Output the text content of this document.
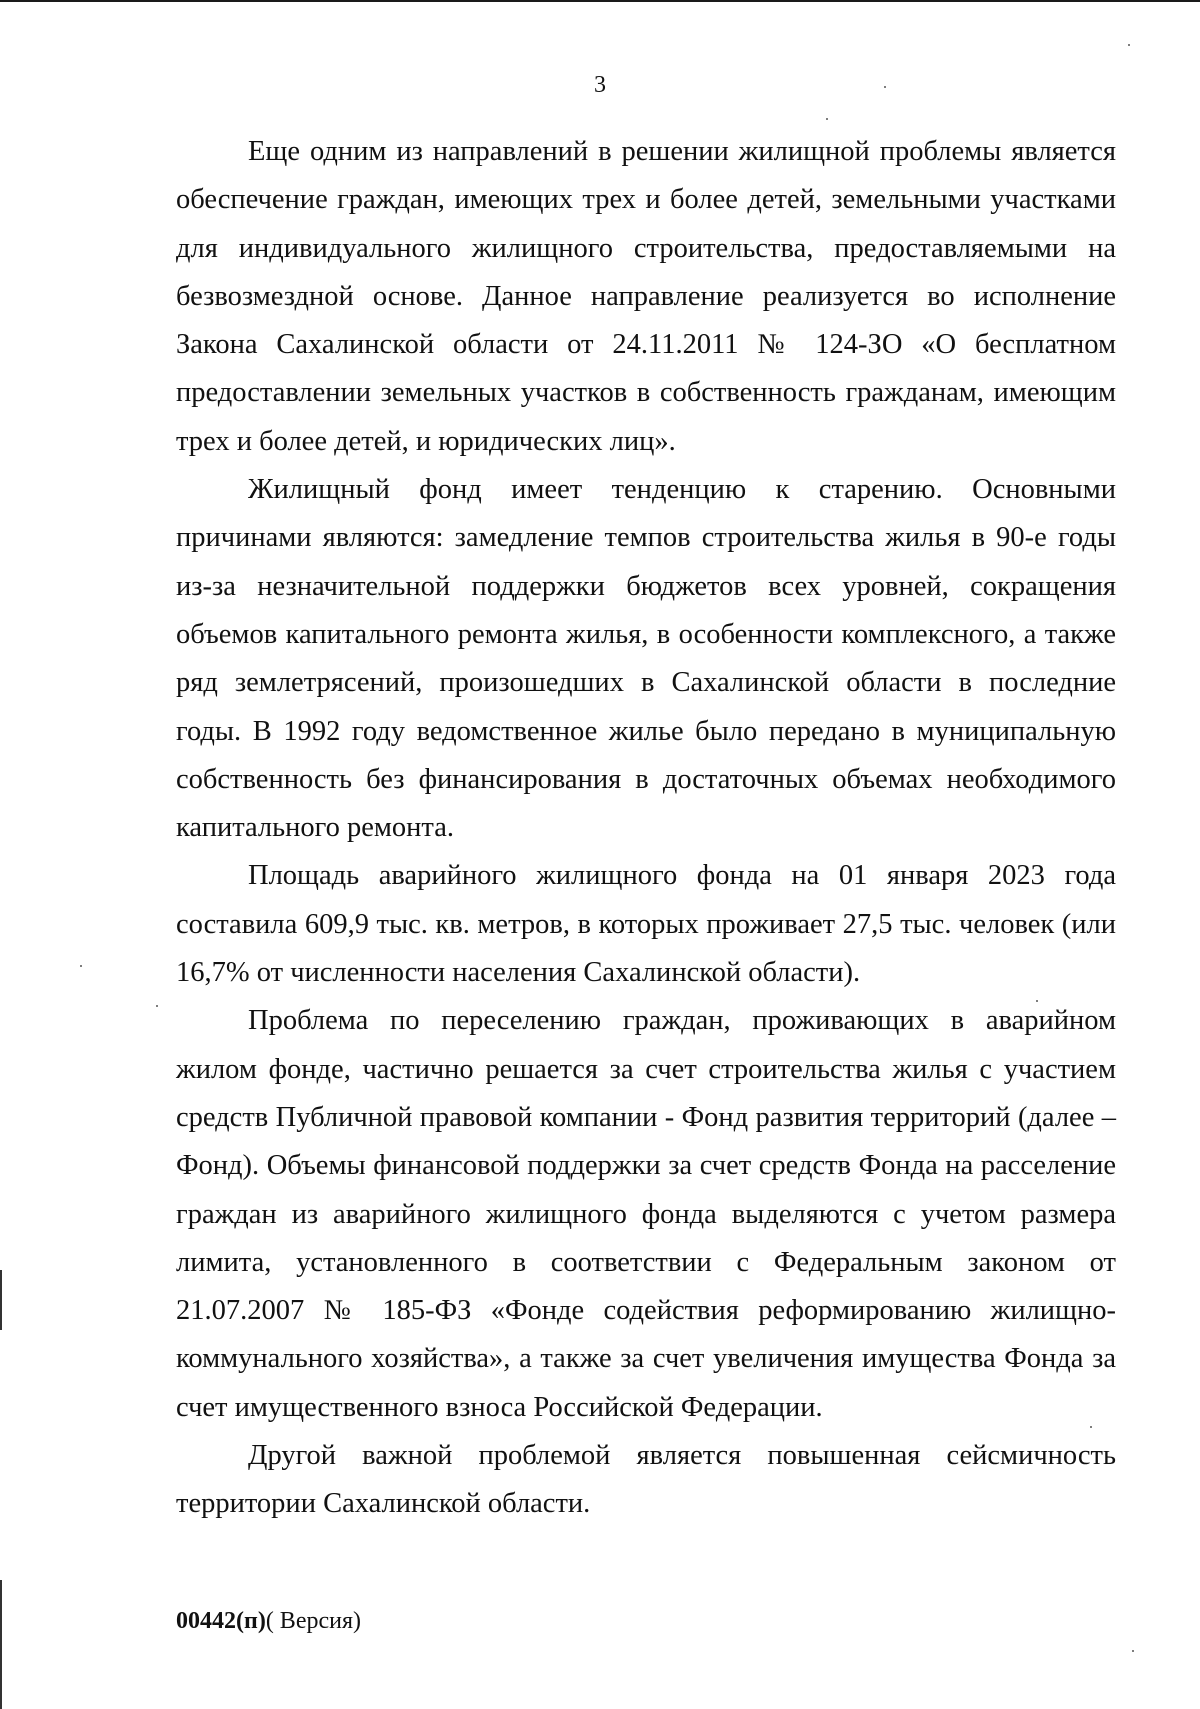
3

Еще одним из направлений в решении жилищной проблемы является обеспечение граждан, имеющих трех и более детей, земельными участками для индивидуального жилищного строительства, предоставляемыми на безвозмездной основе. Данное направление реализуется во исполнение Закона Сахалинской области от 24.11.2011 № 124-ЗО «О бесплатном предоставлении земельных участков в собственность гражданам, имеющим трех и более детей, и юридических лиц».

Жилищный фонд имеет тенденцию к старению. Основными причинами являются: замедление темпов строительства жилья в 90-е годы из-за незначительной поддержки бюджетов всех уровней, сокращения объемов капитального ремонта жилья, в особенности комплексного, а также ряд землетрясений, произошедших в Сахалинской области в последние годы. В 1992 году ведомственное жилье было передано в муниципальную собственность без финансирования в достаточных объемах необходимого капитального ремонта.

Площадь аварийного жилищного фонда на 01 января 2023 года составила 609,9 тыс. кв. метров, в которых проживает 27,5 тыс. человек (или 16,7% от численности населения Сахалинской области).

Проблема по переселению граждан, проживающих в аварийном жилом фонде, частично решается за счет строительства жилья с участием средств Публичной правовой компании - Фонд развития территорий (далее – Фонд). Объемы финансовой поддержки за счет средств Фонда на расселение граждан из аварийного жилищного фонда выделяются с учетом размера лимита, установленного в соответствии с Федеральным законом от 21.07.2007 № 185-ФЗ «Фонде содействия реформированию жилищно-коммунального хозяйства», а также за счет увеличения имущества Фонда за счет имущественного взноса Российской Федерации.

Другой важной проблемой является повышенная сейсмичность территории Сахалинской области.

00442(п)( Версия)
